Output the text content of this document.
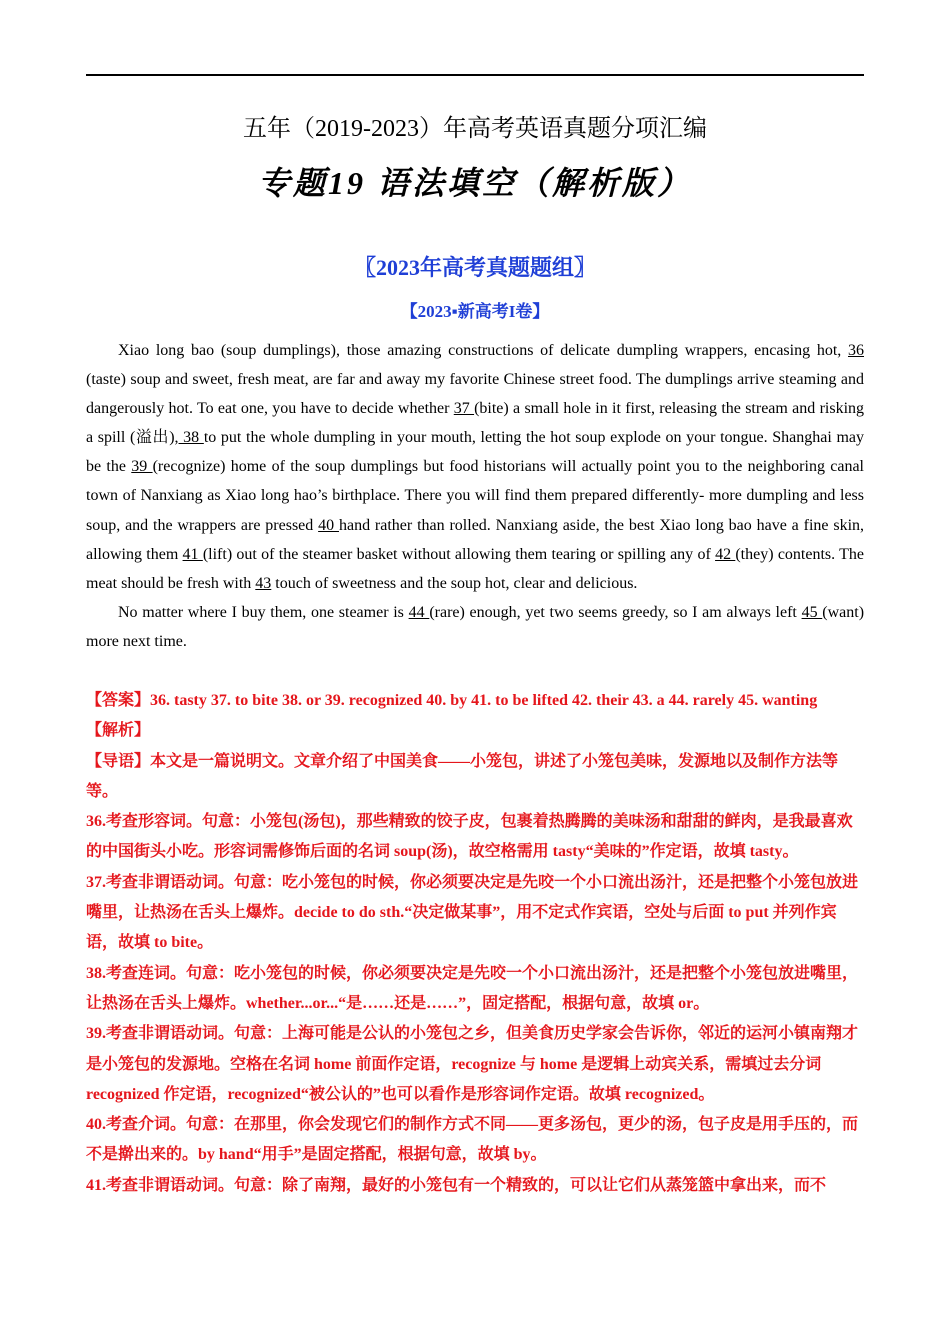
五年（2019-2023）年高考英语真题分项汇编
专题19 语法填空（解析版）
〖2023年高考真题题组〗
【2023▪新高考I卷】

Xiao long bao (soup dumplings), those amazing constructions of delicate dumpling wrappers, encasing hot, 36 (taste) soup and sweet, fresh meat, are far and away my favorite Chinese street food. The dumplings arrive steaming and dangerously hot. To eat one, you have to decide whether 37 (bite) a small hole in it first, releasing the stream and risking a spill (溢出), 38 to put the whole dumpling in your mouth, letting the hot soup explode on your tongue. Shanghai may be the 39 (recognize) home of the soup dumplings but food historians will actually point you to the neighboring canal town of Nanxiang as Xiao long hao’s birthplace. There you will find them prepared differently- more dumpling and less soup, and the wrappers are pressed 40 hand rather than rolled. Nanxiang aside, the best Xiao long bao have a fine skin, allowing them 41 (lift) out of the steamer basket without allowing them tearing or spilling any of 42 (they) contents. The meat should be fresh with 43 touch of sweetness and the soup hot, clear and delicious.

No matter where I buy them, one steamer is 44 (rare) enough, yet two seems greedy, so I am always left 45 (want) more next time.

【答案】36. tasty 37. to bite 38. or 39. recognized 40. by 41. to be lifted 42. their 43. a 44. rarely 45. wanting

【解析】

【导语】本文是一篇说明文。文章介绍了中国美食——小笼包，讲述了小笼包美味，发源地以及制作方法等等。

36.考查形容词。句意：小笼包(汤包)，那些精致的饺子皮，包裹着热腾腾的美味汤和甜甜的鲜肉，是我最喜欢的中国街头小吃。形容词需修饰后面的名词 soup(汤)，故空格需用 tasty“美味的”作定语，故填 tasty。

37.考查非谓语动词。句意：吃小笼包的时候，你必须要决定是先咬一个小口流出汤汁，还是把整个小笼包放进嘴里，让热汤在舌头上爆炸。decide to do sth.“决定做某事”，用不定式作宾语，空处与后面 to put 并列作宾语，故填 to bite。

38.考查连词。句意：吃小笼包的时候，你必须要决定是先咬一个小口流出汤汁，还是把整个小笼包放进嘴里，让热汤在舌头上爆炸。whether...or...“是……还是……”，固定搭配，根据句意，故填 or。

39.考查非谓语动词。句意：上海可能是公认的小笼包之乡，但美食历史学家会告诉你，邻近的运河小镇南翔才是小笼包的发源地。空格在名词 home 前面作定语，recognize 与 home 是逻辑上动宾关系，需填过去分词 recognized 作定语，recognized“被公认的”也可以看作是形容词作定语。故填 recognized。

40.考查介词。句意：在那里，你会发现它们的制作方式不同——更多汤包，更少的汤，包子皮是用手压的，而不是擀出来的。by hand“用手”是固定搭配，根据句意，故填 by。

41.考查非谓语动词。句意：除了南翔，最好的小笼包有一个精致的，可以让它们从蒸笼篮中拿出来，而不
